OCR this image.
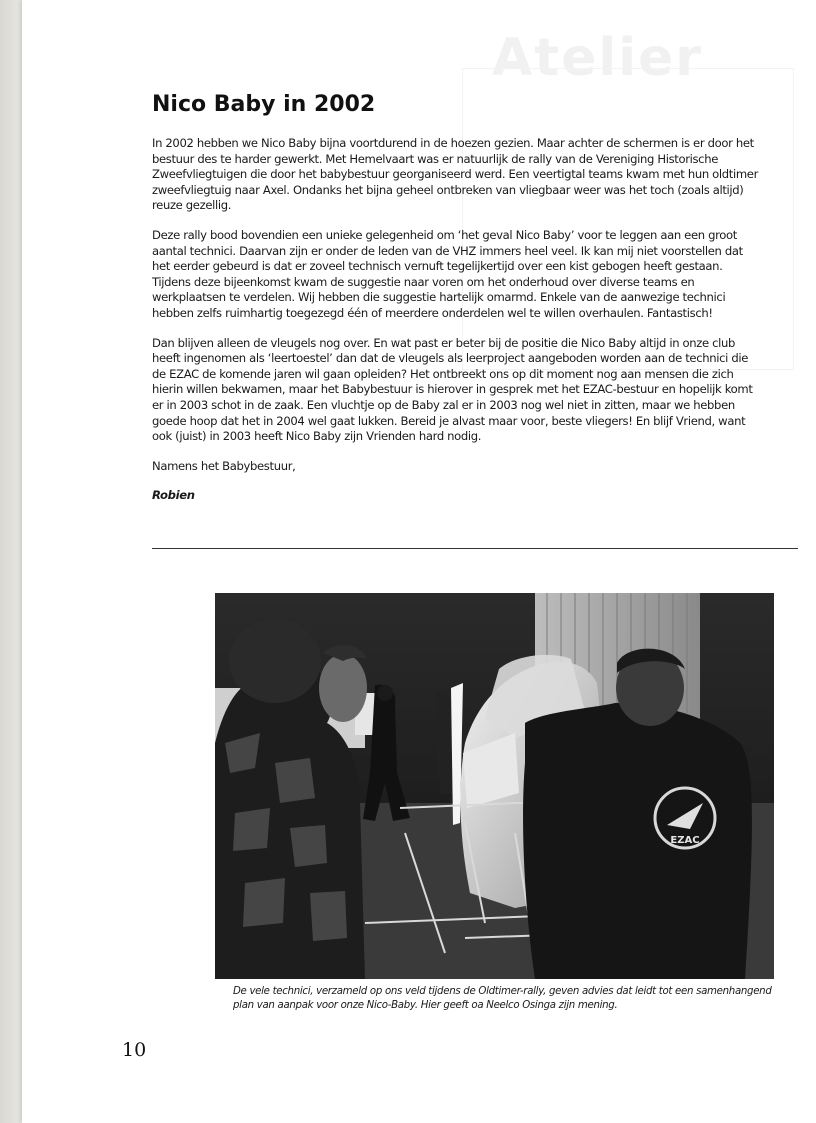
Atelier
Nico Baby in 2002

In 2002 hebben we Nico Baby bijna voortdurend in de hoezen gezien. Maar achter de schermen is er door het bestuur des te harder gewerkt. Met Hemelvaart was er natuurlijk de rally van de Vereniging Historische Zweefvliegtuigen die door het babybestuur georganiseerd werd. Een veertigtal teams kwam met hun oldtimer zweefvliegtuig naar Axel. Ondanks het bijna geheel ontbreken van vliegbaar weer was het toch (zoals altijd) reuze gezellig.

Deze rally bood bovendien een unieke gelegenheid om ‘het geval Nico Baby’ voor te leggen aan een groot aantal technici. Daarvan zijn er onder de leden van de VHZ immers heel veel. Ik kan mij niet voorstellen dat het eerder gebeurd is dat er zoveel technisch vernuft tegelijkertijd over een kist gebogen heeft gestaan. Tijdens deze bijeenkomst kwam de suggestie naar voren om het onderhoud over diverse teams en werkplaatsen te verdelen. Wij hebben die suggestie hartelijk omarmd. Enkele van de aanwezige technici hebben zelfs ruimhartig toegezegd één of meerdere onderdelen wel te willen overhaulen. Fantastisch!

Dan blijven alleen de vleugels nog over. En wat past er beter bij de positie die Nico Baby altijd in onze club heeft ingenomen als ‘leertoestel’ dan dat de vleugels als leerproject aangeboden worden aan de technici die de EZAC de komende jaren wil gaan opleiden? Het ontbreekt ons op dit moment nog aan mensen die zich hierin willen bekwamen, maar het Babybestuur is hierover in gesprek met het EZAC-bestuur en hopelijk komt er in 2003 schot in de zaak. Een vluchtje op de Baby zal er in 2003 nog wel niet in zitten, maar we hebben goede hoop dat het in 2004 wel gaat lukken. Bereid je alvast maar voor, beste vliegers! En blijf Vriend, want ook (juist) in 2003 heeft Nico Baby zijn Vrienden hard nodig.

Namens het Babybestuur,

Robien

EZAC
De vele technici, verzameld op ons veld tijdens de Oldtimer-rally, geven advies dat leidt tot een samenhangend plan van aanpak voor onze Nico-Baby. Hier geeft oa Neelco Osinga zijn mening.
10
